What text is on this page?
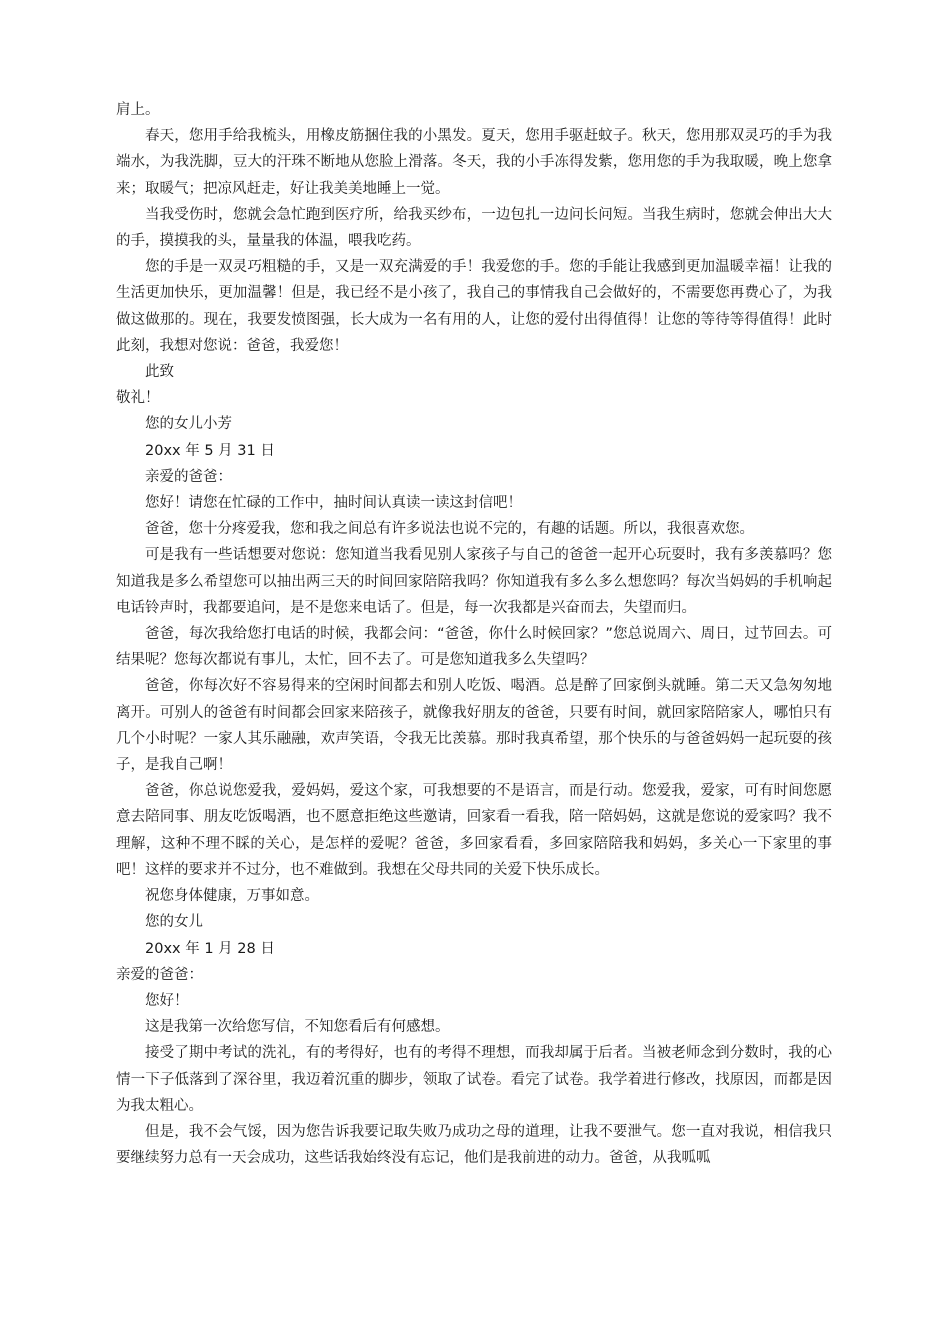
肩上。

春天，您用手给我梳头，用橡皮筋捆住我的小黑发。夏天，您用手驱赶蚊子。秋天，您用那双灵巧的手为我端水，为我洗脚，豆大的汗珠不断地从您脸上滑落。冬天，我的小手冻得发紫，您用您的手为我取暖，晚上您拿来；取暖气；把凉风赶走，好让我美美地睡上一觉。

当我受伤时，您就会急忙跑到医疗所，给我买纱布，一边包扎一边问长问短。当我生病时，您就会伸出大大的手，摸摸我的头，量量我的体温，喂我吃药。

您的手是一双灵巧粗糙的手，又是一双充满爱的手！我爱您的手。您的手能让我感到更加温暖幸福！让我的生活更加快乐，更加温馨！但是，我已经不是小孩了，我自己的事情我自己会做好的，不需要您再费心了，为我做这做那的。现在，我要发愤图强，长大成为一名有用的人，让您的爱付出得值得！让您的等待等得值得！此时此刻，我想对您说：爸爸，我爱您！

此致

敬礼！

您的女儿小芳

20xx 年 5 月 31 日

亲爱的爸爸：

您好！请您在忙碌的工作中，抽时间认真读一读这封信吧！

爸爸，您十分疼爱我，您和我之间总有许多说法也说不完的，有趣的话题。所以，我很喜欢您。

可是我有一些话想要对您说：您知道当我看见别人家孩子与自己的爸爸一起开心玩耍时，我有多羡慕吗？您知道我是多么希望您可以抽出两三天的时间回家陪陪我吗？你知道我有多么多么想您吗？每次当妈妈的手机响起电话铃声时，我都要追问，是不是您来电话了。但是，每一次我都是兴奋而去，失望而归。

爸爸，每次我给您打电话的时候，我都会问：“爸爸，你什么时候回家？”您总说周六、周日，过节回去。可结果呢？您每次都说有事儿，太忙，回不去了。可是您知道我多么失望吗？

爸爸，你每次好不容易得来的空闲时间都去和别人吃饭、喝酒。总是醉了回家倒头就睡。第二天又急匆匆地离开。可别人的爸爸有时间都会回家来陪孩子，就像我好朋友的爸爸，只要有时间，就回家陪陪家人，哪怕只有几个小时呢？一家人其乐融融，欢声笑语，令我无比羡慕。那时我真希望，那个快乐的与爸爸妈妈一起玩耍的孩子，是我自己啊！

爸爸，你总说您爱我，爱妈妈，爱这个家，可我想要的不是语言，而是行动。您爱我，爱家，可有时间您愿意去陪同事、朋友吃饭喝酒，也不愿意拒绝这些邀请，回家看一看我，陪一陪妈妈，这就是您说的爱家吗？我不理解，这种不理不睬的关心，是怎样的爱呢？爸爸，多回家看看，多回家陪陪我和妈妈，多关心一下家里的事吧！这样的要求并不过分，也不难做到。我想在父母共同的关爱下快乐成长。

祝您身体健康，万事如意。

您的女儿

20xx 年 1 月 28 日

亲爱的爸爸：

您好！

这是我第一次给您写信，不知您看后有何感想。

接受了期中考试的洗礼，有的考得好，也有的考得不理想，而我却属于后者。当被老师念到分数时，我的心情一下子低落到了深谷里，我迈着沉重的脚步，领取了试卷。看完了试卷。我学着进行修改，找原因，而都是因为我太粗心。

但是，我不会气馁，因为您告诉我要记取失败乃成功之母的道理，让我不要泄气。您一直对我说，相信我只要继续努力总有一天会成功，这些话我始终没有忘记，他们是我前进的动力。爸爸，从我呱呱
